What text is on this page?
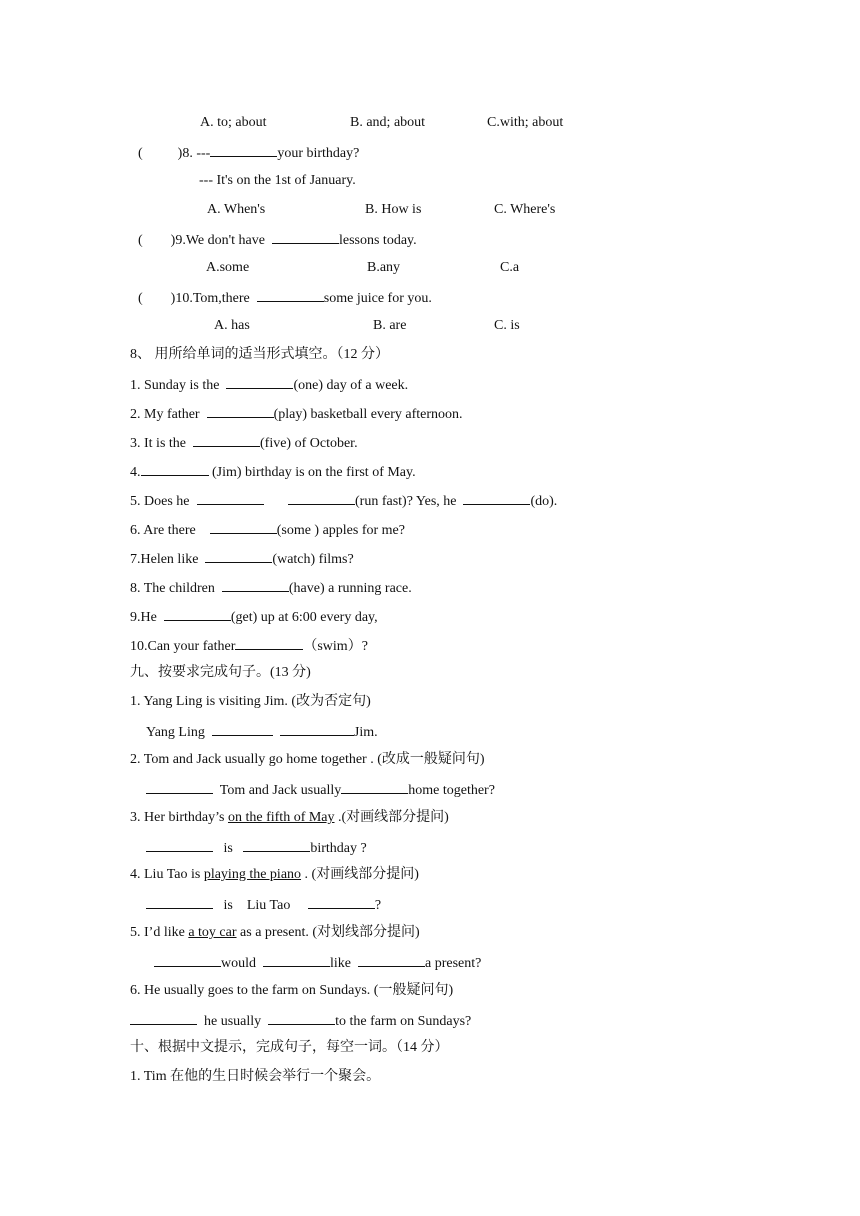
A. to; about	B. and; about	C.with; about
(          )8. ---	your birthday?
--- It's on the 1st of January.
A. When's	B. How is	C. Where's
(        )9.We don't have	lessons today.
A.some	B.any	C.a
(        )10.Tom,there	some juice for you.
A. has	B. are	C. is
8、 用所给单词的适当形式填空。（12 分）
1. Sunday is the	(one) day of a week.
2. My father	(play) basketball every afternoon.
3. It is the	(five) of October.
4.	(Jim) birthday is on the first of May.
5. Does he	(run fast)? Yes, he	(do).
6. Are there	(some ) apples for me?
7.Helen like	(watch) films?
8. The children	(have) a running race.
9.He	(get) up at 6:00 every day,
10.Can your father	（swim）?
九、按要求完成句子。(13 分)
1. Yang Ling is visiting Jim. (改为否定句)
Yang Ling	Jim.
2. Tom and Jack usually go home together . (改成一般疑问句)
Tom and Jack usually	home together?
3. Her birthday’s on the fifth of May .(对画线部分提问)
is	birthday ?
4. Liu Tao is playing the piano . (对画线部分提问)
is    Liu Tao	?
5. I’d like a toy car as a present. (对划线部分提问)
would	like	a present?
6. He usually goes to the farm on Sundays. (一般疑问句)
he usually	to the farm on Sundays?
十、根据中文提示，完成句子，每空一词。（14 分）
1. Tim 在他的生日时候会举行一个聚会。
